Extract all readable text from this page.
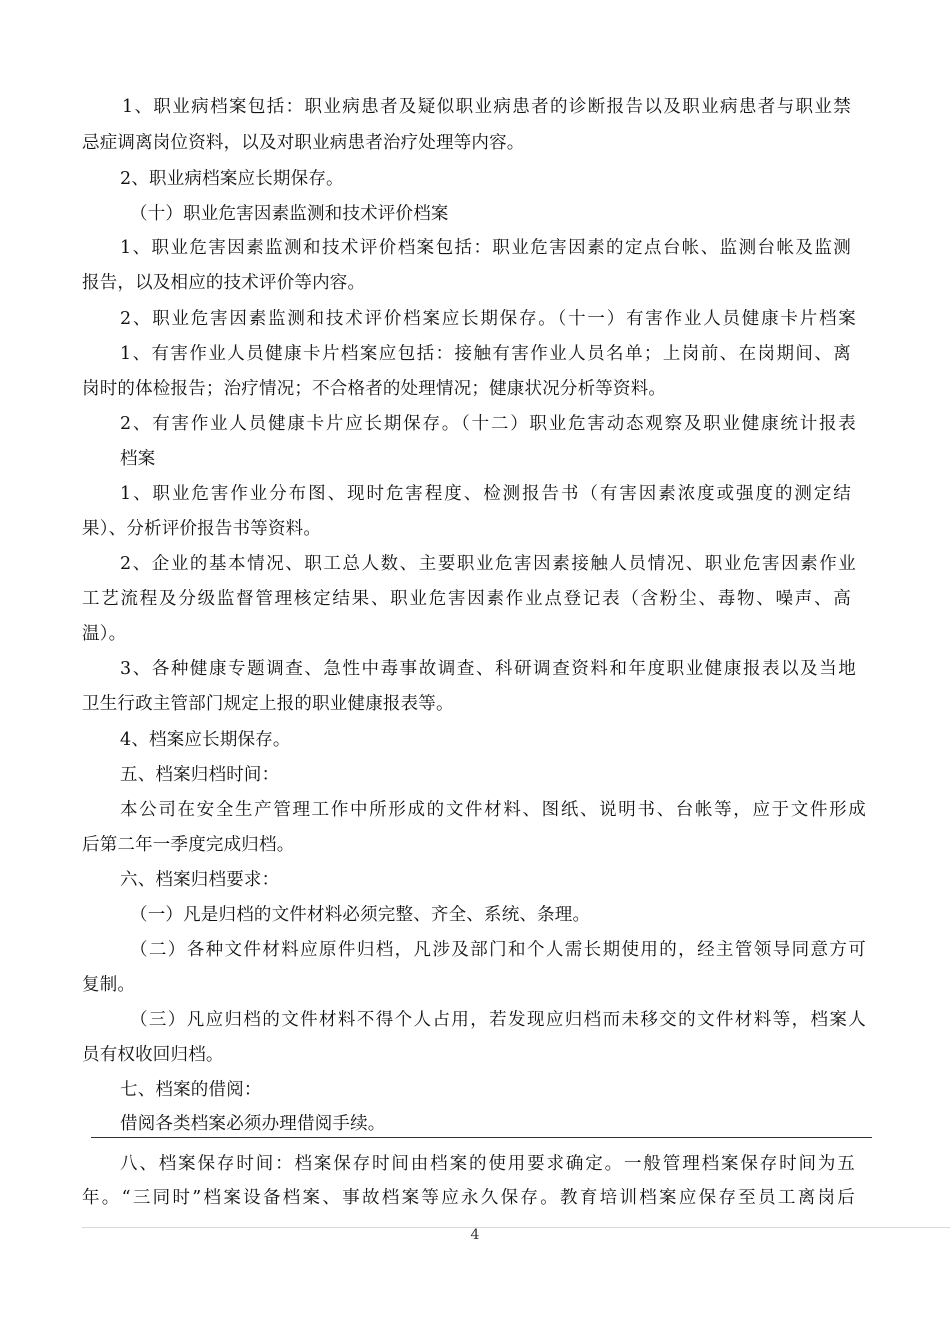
1、职业病档案包括：职业病患者及疑似职业病患者的诊断报告以及职业病患者与职业禁
忌症调离岗位资料，以及对职业病患者治疗处理等内容。
2、职业病档案应长期保存。
（十）职业危害因素监测和技术评价档案
1、职业危害因素监测和技术评价档案包括：职业危害因素的定点台帐、监测台帐及监测
报告，以及相应的技术评价等内容。
2、职业危害因素监测和技术评价档案应长期保存。（十一）有害作业人员健康卡片档案
1、有害作业人员健康卡片档案应包括：接触有害作业人员名单；上岗前、在岗期间、离
岗时的体检报告；治疗情况；不合格者的处理情况；健康状况分析等资料。
2、有害作业人员健康卡片应长期保存。（十二）职业危害动态观察及职业健康统计报表
档案
1、职业危害作业分布图、现时危害程度、检测报告书（有害因素浓度或强度的测定结
果）、分析评价报告书等资料。
2、企业的基本情况、职工总人数、主要职业危害因素接触人员情况、职业危害因素作业
工艺流程及分级监督管理核定结果、职业危害因素作业点登记表（含粉尘、毒物、噪声、高
温）。
3、各种健康专题调查、急性中毒事故调查、科研调查资料和年度职业健康报表以及当地
卫生行政主管部门规定上报的职业健康报表等。
4、档案应长期保存。
五、档案归档时间：
本公司在安全生产管理工作中所形成的文件材料、图纸、说明书、台帐等，应于文件形成
后第二年一季度完成归档。
六、档案归档要求：
（一）凡是归档的文件材料必须完整、齐全、系统、条理。
（二）各种文件材料应原件归档，凡涉及部门和个人需长期使用的，经主管领导同意方可
复制。
（三）凡应归档的文件材料不得个人占用，若发现应归档而未移交的文件材料等，档案人
员有权收回归档。
七、档案的借阅：
借阅各类档案必须办理借阅手续。
八、档案保存时间：档案保存时间由档案的使用要求确定。一般管理档案保存时间为五
年。“三同时”档案设备档案、事故档案等应永久保存。教育培训档案应保存至员工离岗后
4
